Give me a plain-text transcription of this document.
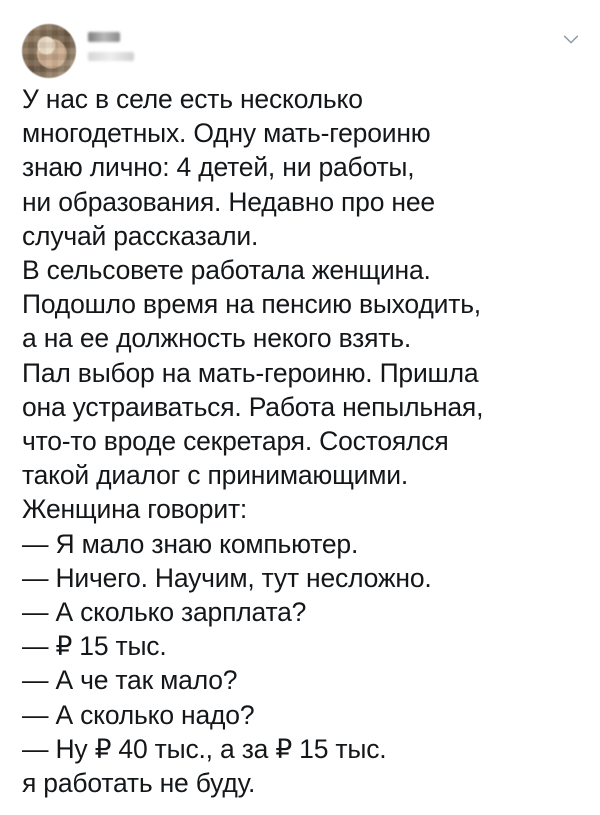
У нас в селе есть несколько
многодетных. Одну мать-героиню
знаю лично: 4 детей, ни работы,
ни образования. Недавно про нее
случай рассказали.
В сельсовете работала женщина.
Подошло время на пенсию выходить,
а на ее должность некого взять.
Пал выбор на мать-героиню. Пришла
она устраиваться. Работа непыльная,
что-то вроде секретаря. Состоялся
такой диалог с принимающими.
Женщина говорит:
— Я мало знаю компьютер.
— Ничего. Научим, тут несложно.
— А сколько зарплата?
— ₽ 15 тыс.
— А че так мало?
— А сколько надо?
— Ну ₽ 40 тыс., а за ₽ 15 тыс.
я работать не буду.
